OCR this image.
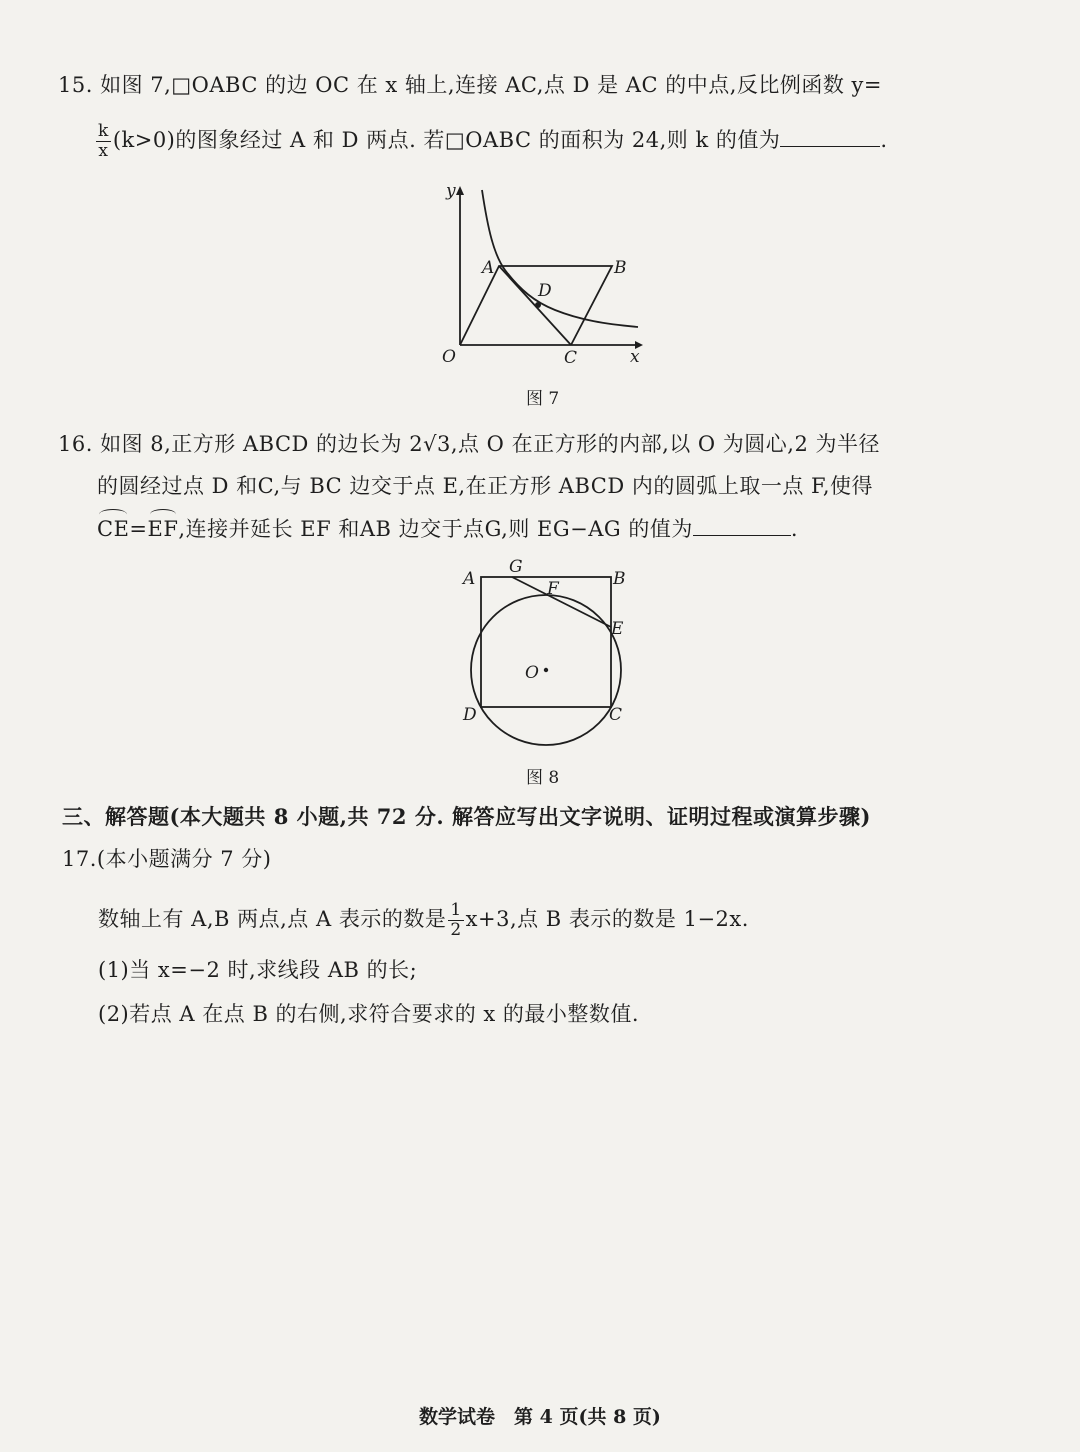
15. 如图 7,□OABC 的边 OC 在 x 轴上,连接 AC,点 D 是 AC 的中点,反比例函数 y=
$\frac{k}{x} (k>0)$的图象经过 A 和 D 两点. 若□OABC 的面积为 24,则 k 的值为	.
y
x
O
A	B
C
D
图 7
16. 如图 8,正方形 ABCD 的边长为 2√3,点 O 在正方形的内部,以 O 为圆心,2 为半径
的圆经过点 D 和C,与 BC 边交于点 E,在正方形 ABCD 内的圆弧上取一点 F,使得
CE=EF,连接并延长 EF 和AB 边交于点G,则 EG−AG 的值为	.
A	B
C
D
E
F
G
O
图 8
三、解答题(本大题共 8 小题,共 72 分. 解答应写出文字说明、证明过程或演算步骤)
17.(本小题满分 7 分)
数轴上有 A,B 两点,点 A 表示的数是 $\frac{1}{2} x+3$,点 B 表示的数是 1−2x.
(1)当 x=−2 时,求线段 AB 的长;
(2)若点 A 在点 B 的右侧,求符合要求的 x 的最小整数值.
数学试卷　第 4 页(共 8 页)
